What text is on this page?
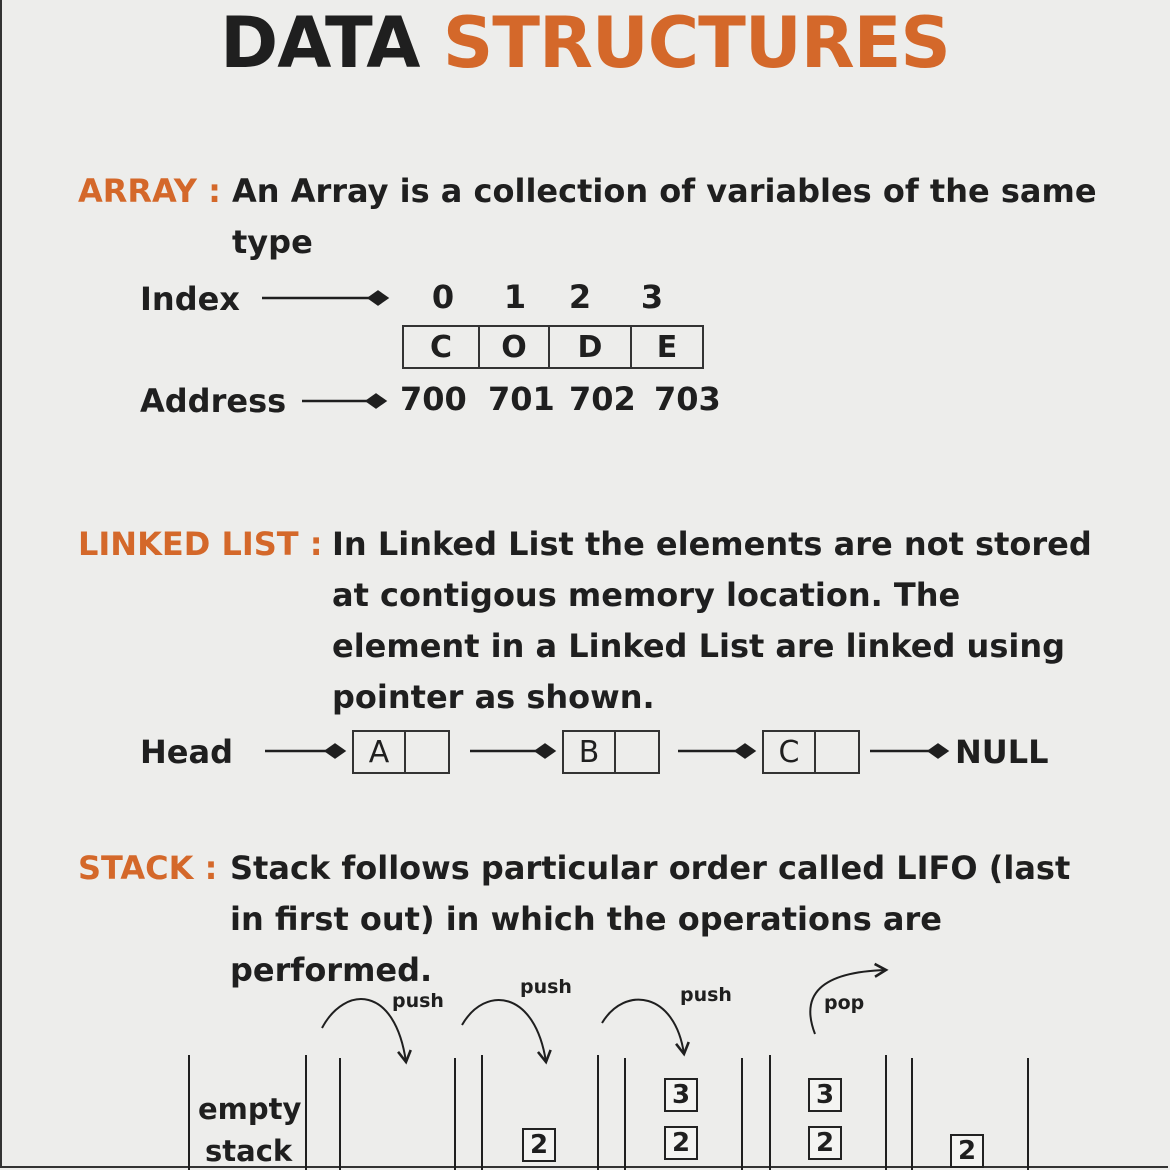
DATA STRUCTURES
ARRAY : An Array is a collection of variables of the same
type
Index	0 1 2 3
C	O	D	E
Address	700 701 702 703
LINKED LIST : In Linked List the elements are not stored
at contigous memory location. The
element in a Linked List are linked using
pointer as shown.
Head	A	B	C	NULL
STACK : Stack follows particular order called LIFO (last
in first out) in which the operations are
performed.
push
push	push	pop
empty
stack	2
3
2
3
2	2
